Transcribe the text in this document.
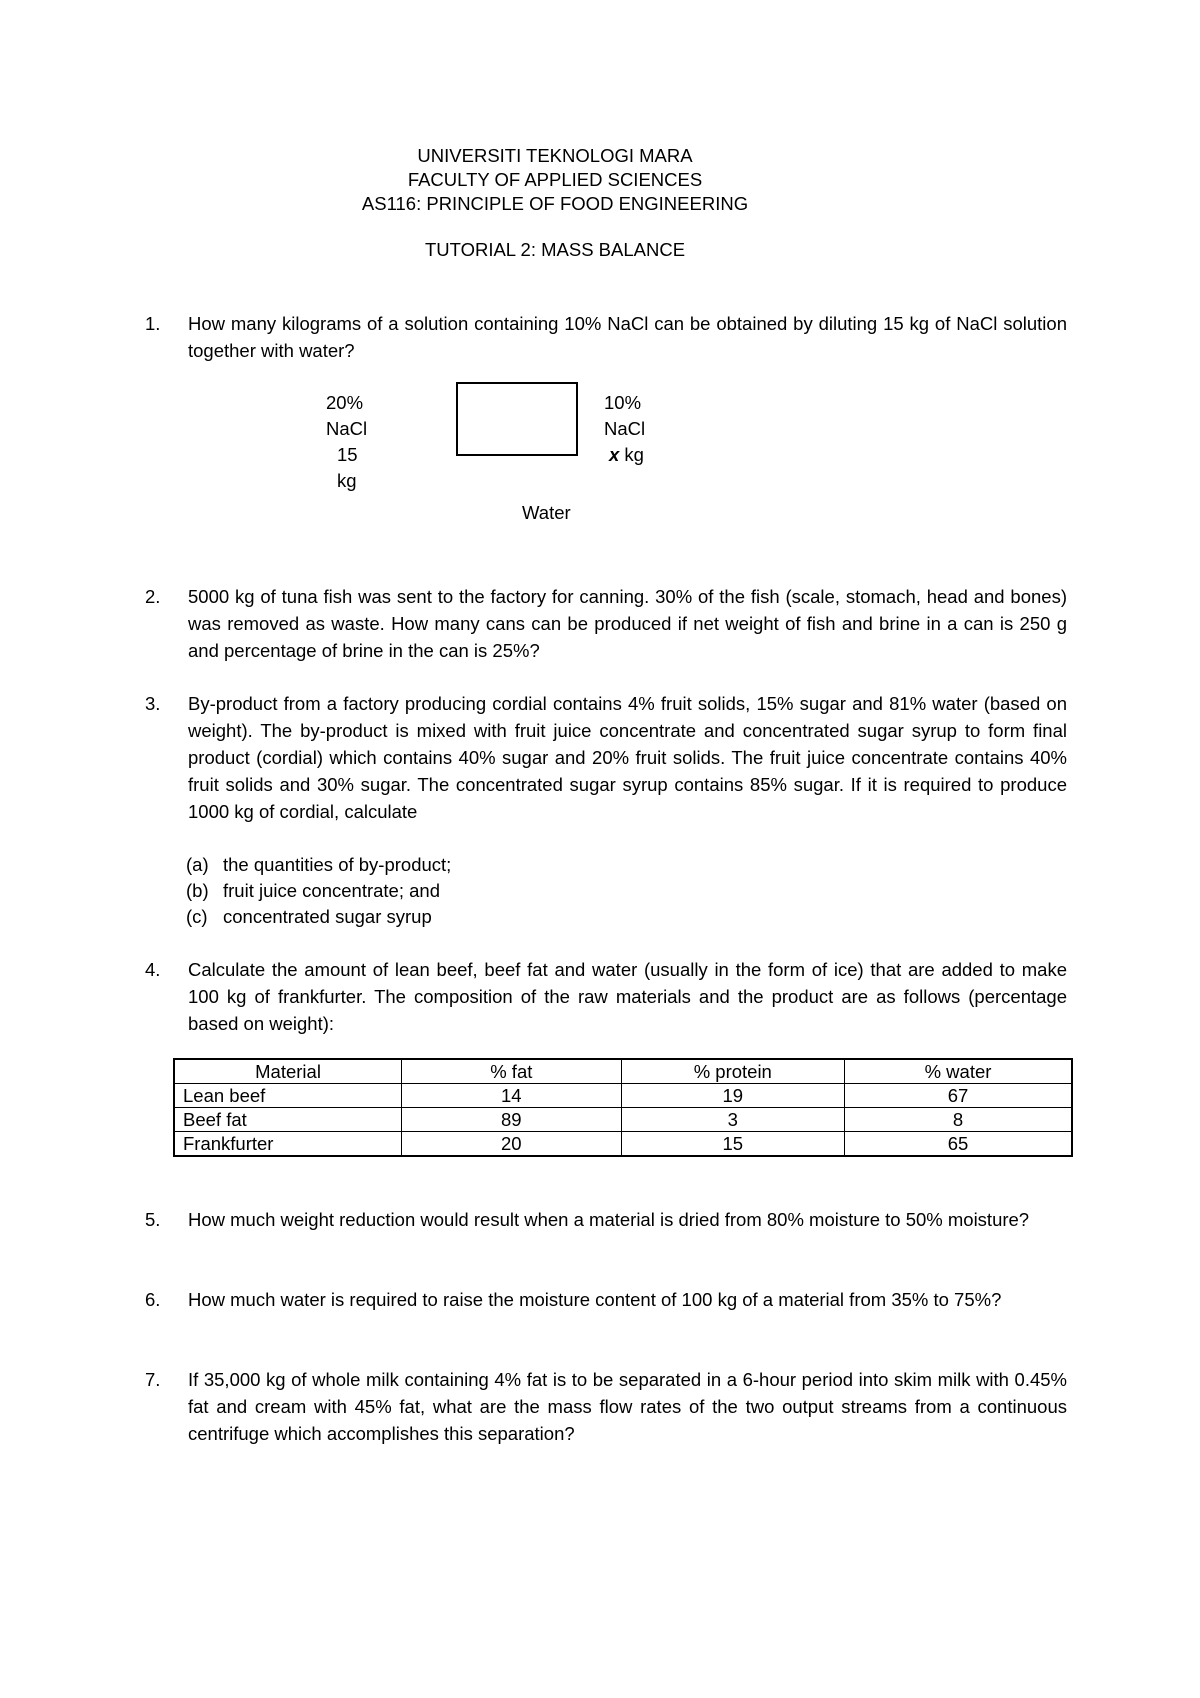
UNIVERSITI TEKNOLOGI MARA
FACULTY OF APPLIED SCIENCES
AS116: PRINCIPLE OF FOOD ENGINEERING
TUTORIAL 2: MASS BALANCE
1. How many kilograms of a solution containing 10% NaCl can be obtained by diluting 15 kg of NaCl solution together with water?
20% NaCl
15 kg
10% NaCl
x kg
Water
2. 5000 kg of tuna fish was sent to the factory for canning. 30% of the fish (scale, stomach, head and bones) was removed as waste. How many cans can be produced if net weight of fish and brine in a can is 250 g and percentage of brine in the can is 25%?
3. By-product from a factory producing cordial contains 4% fruit solids, 15% sugar and 81% water (based on weight). The by-product is mixed with fruit juice concentrate and concentrated sugar syrup to form final product (cordial) which contains 40% sugar and 20% fruit solids. The fruit juice concentrate contains 40% fruit solids and 30% sugar. The concentrated sugar syrup contains 85% sugar. If it is required to produce 1000 kg of cordial, calculate
(a) the quantities of by-product;
(b) fruit juice concentrate; and
(c) concentrated sugar syrup
4. Calculate the amount of lean beef, beef fat and water (usually in the form of ice) that are added to make 100 kg of frankfurter. The composition of the raw materials and the product are as follows (percentage based on weight):
Material	% fat	% protein	% water
Lean beef	14	19	67
Beef fat	89	3	8
Frankfurter	20	15	65
5. How much weight reduction would result when a material is dried from 80% moisture to 50% moisture?
6. How much water is required to raise the moisture content of 100 kg of a material from 35% to 75%?
7. If 35,000 kg of whole milk containing 4% fat is to be separated in a 6-hour period into skim milk with 0.45% fat and cream with 45% fat, what are the mass flow rates of the two output streams from a continuous centrifuge which accomplishes this separation?
